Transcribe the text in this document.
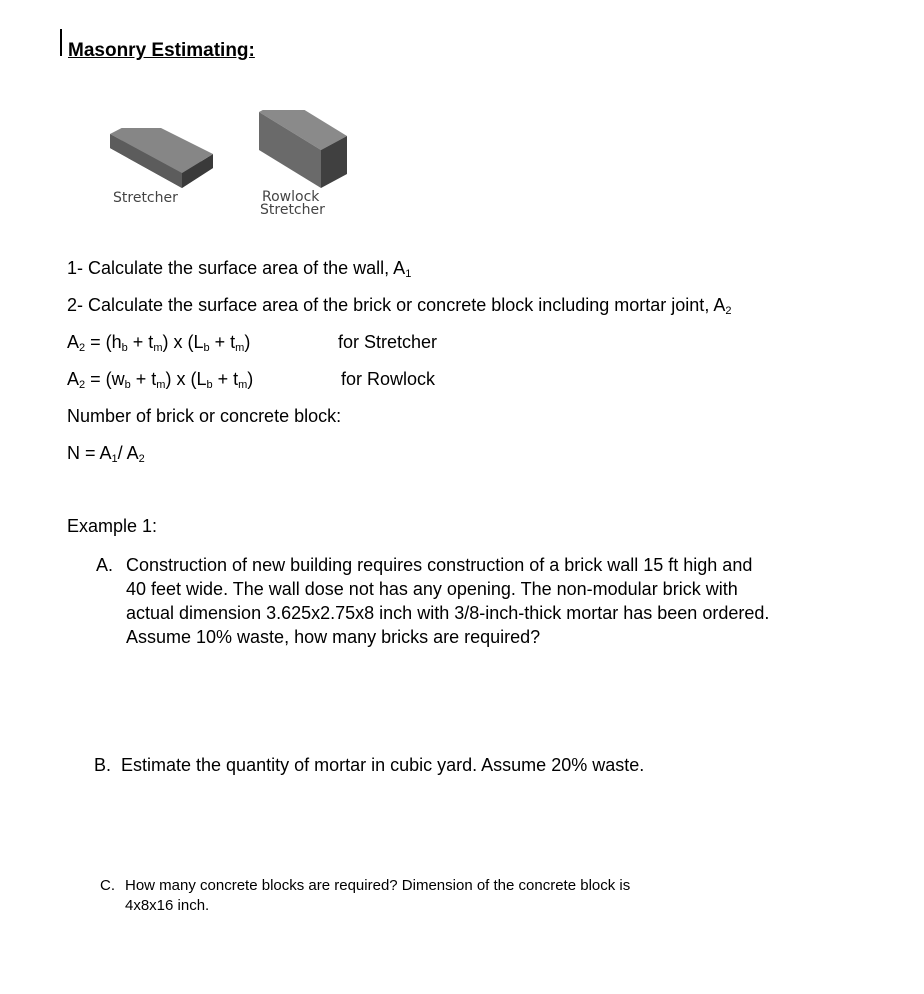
Masonry Estimating:
Stretcher	Rowlock
Stretcher
1- Calculate the surface area of the wall, $A_1$
2- Calculate the surface area of the brick or concrete block including mortar joint, $A_2$
$A_2 = (h_b + t_m)$ x $(L_b + t_m)$	for Stretcher
$A_2 = (w_b + t_m)$ x $(L_b + t_m)$	for Rowlock
Number of brick or concrete block:
$N = A_1/$ $A_2$
Example 1:
A. Construction of new building requires construction of a brick wall 15 ft high and
40 feet wide. The wall dose not has any opening. The non-modular brick with
actual dimension 3.625x2.75x8 inch with 3/8-inch-thick mortar has been ordered.
Assume 10% waste, how many bricks are required?
B. Estimate the quantity of mortar in cubic yard. Assume 20% waste.
C. How many concrete blocks are required? Dimension of the concrete block is
4x8x16 inch.
